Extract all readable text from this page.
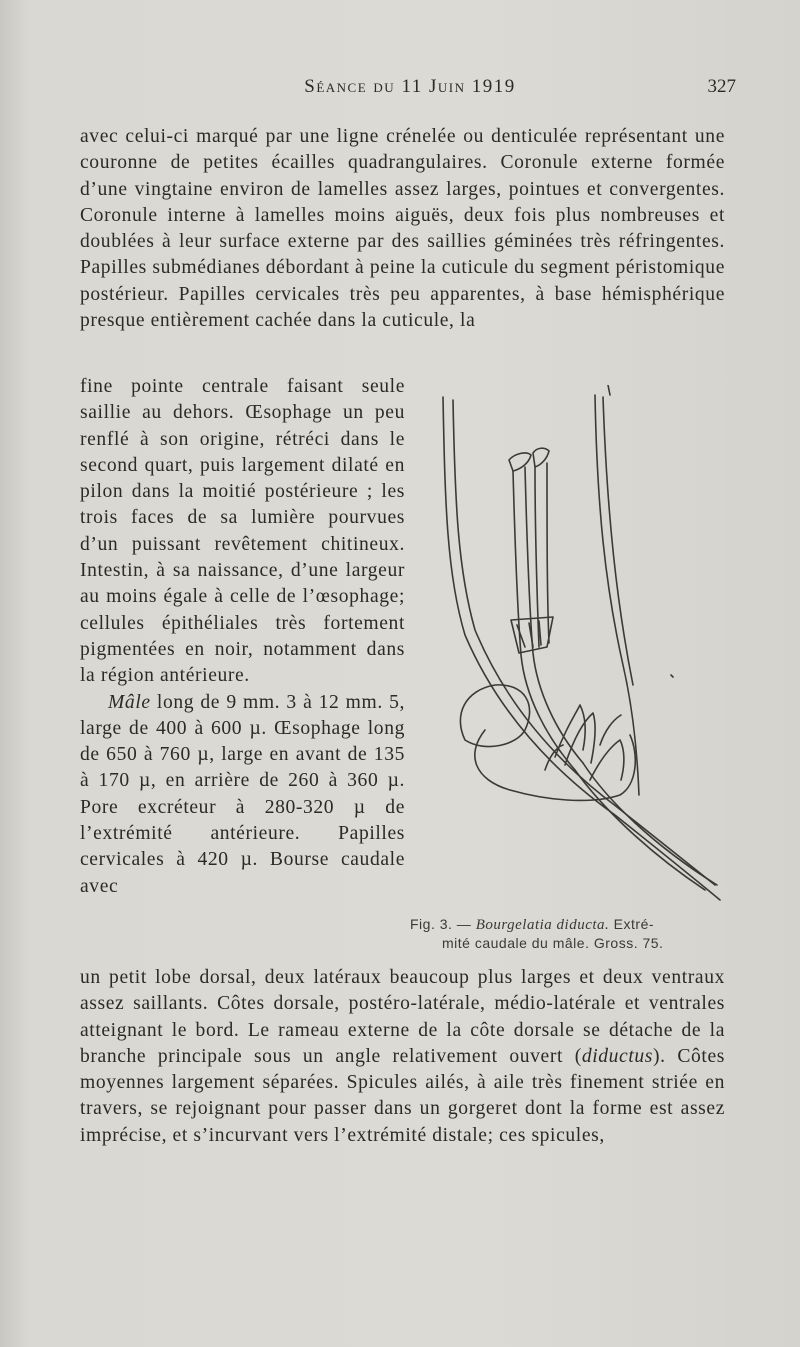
Séance du 11 Juin 1919	327

avec celui-ci marqué par une ligne crénelée ou denticulée représentant une couronne de petites écailles quadrangulaires. Coronule externe formée d’une vingtaine environ de lamelles assez larges, pointues et convergentes. Coronule interne à lamelles moins aiguës, deux fois plus nombreuses et doublées à leur surface externe par des saillies géminées très réfringentes. Papilles submédianes débordant à peine la cuticule du segment péristomique postérieur. Papilles cervicales très peu apparentes, à base hémisphérique presque entièrement cachée dans la cuticule, la

fine pointe centrale faisant seule saillie au dehors. Œsophage un peu renflé à son origine, rétréci dans le second quart, puis largement dilaté en pilon dans la moitié postérieure ; les trois faces de sa lumière pourvues d’un puissant revêtement chitineux. Intestin, à sa naissance, d’une largeur au moins égale à celle de l’œsophage; cellules épithéliales très fortement pigmentées en noir, notamment dans la région antérieure.
Mâle long de 9 mm. 3 à 12 mm. 5, large de 400 à 600 µ. Œsophage long de 650 à 760 µ, large en avant de 135 à 170 µ, en arrière de 260 à 360 µ. Pore excréteur à 280-320 µ de l’extrémité antérieure. Papilles cervicales à 420 µ. Bourse caudale avec

Fig. 3. — Bourgelatia diducta. Extré-
mité caudale du mâle. Gross. 75.

un petit lobe dorsal, deux latéraux beaucoup plus larges et deux ventraux assez saillants. Côtes dorsale, postéro-latérale, médio-latérale et ventrales atteignant le bord. Le rameau externe de la côte dorsale se détache de la branche principale sous un angle relativement ouvert (diductus). Côtes moyennes largement séparées. Spicules ailés, à aile très finement striée en travers, se rejoignant pour passer dans un gorgeret dont la forme est assez imprécise, et s’incurvant vers l’extrémité distale; ces spicules,
